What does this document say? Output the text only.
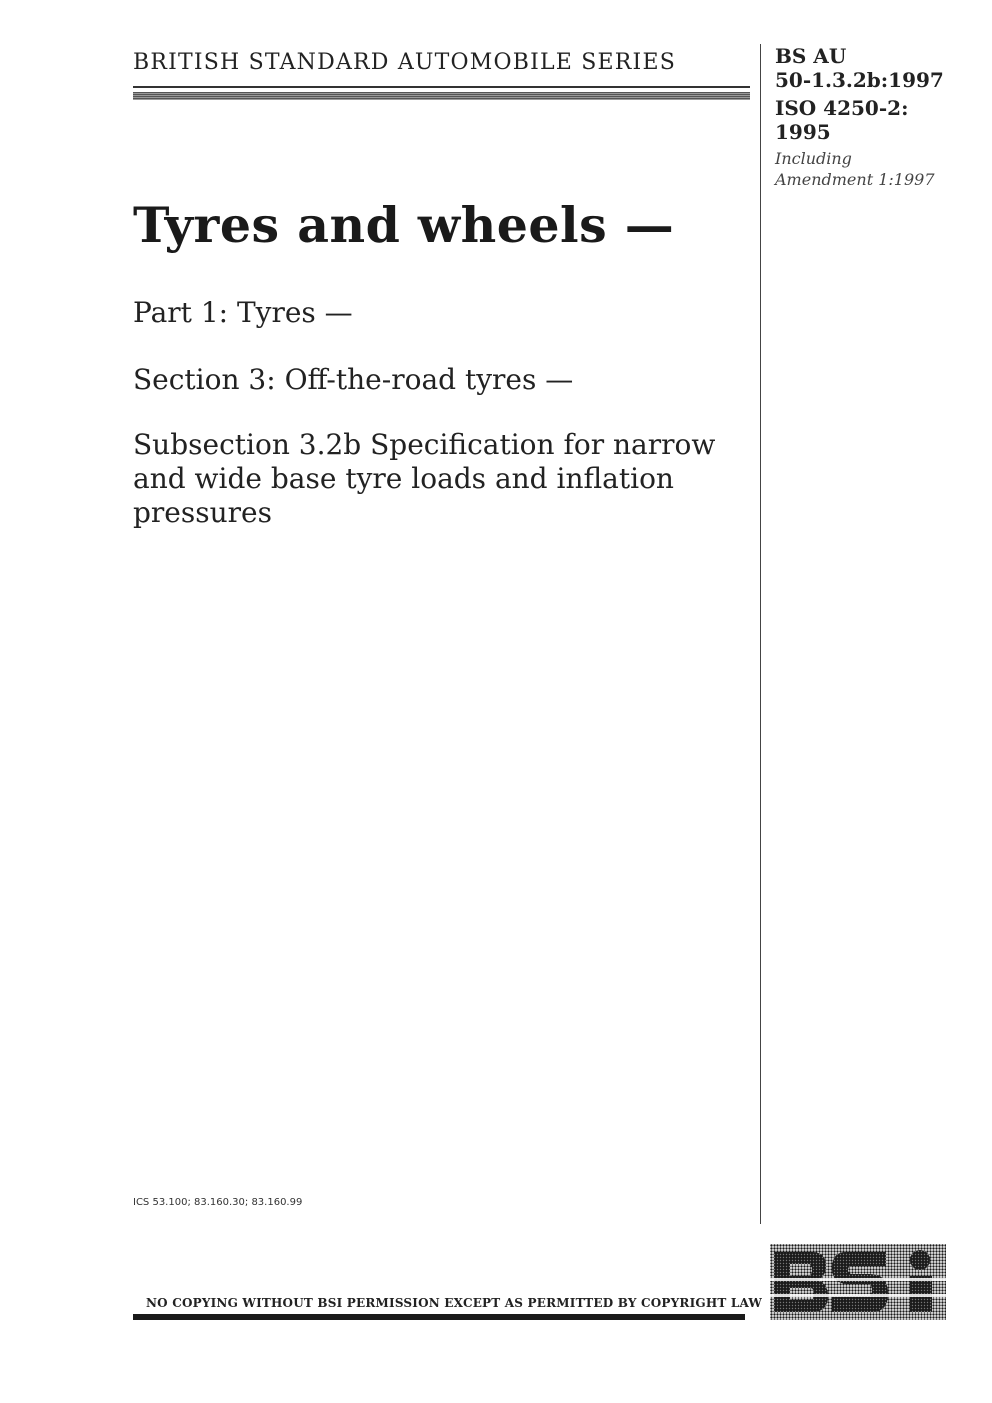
BRITISH STANDARD AUTOMOBILE SERIES	BS AU
50-1.3.2b:1997
ISO 4250-2:
1995
Including
Amendment 1:1997
Tyres and wheels —
Part 1: Tyres —
Section 3: Off-the-road tyres —
Subsection 3.2b Specification for narrow and wide base tyre loads and inflation pressures
ICS 53.100; 83.160.30; 83.160.99
NO COPYING WITHOUT BSI PERMISSION EXCEPT AS PERMITTED BY COPYRIGHT LAW
